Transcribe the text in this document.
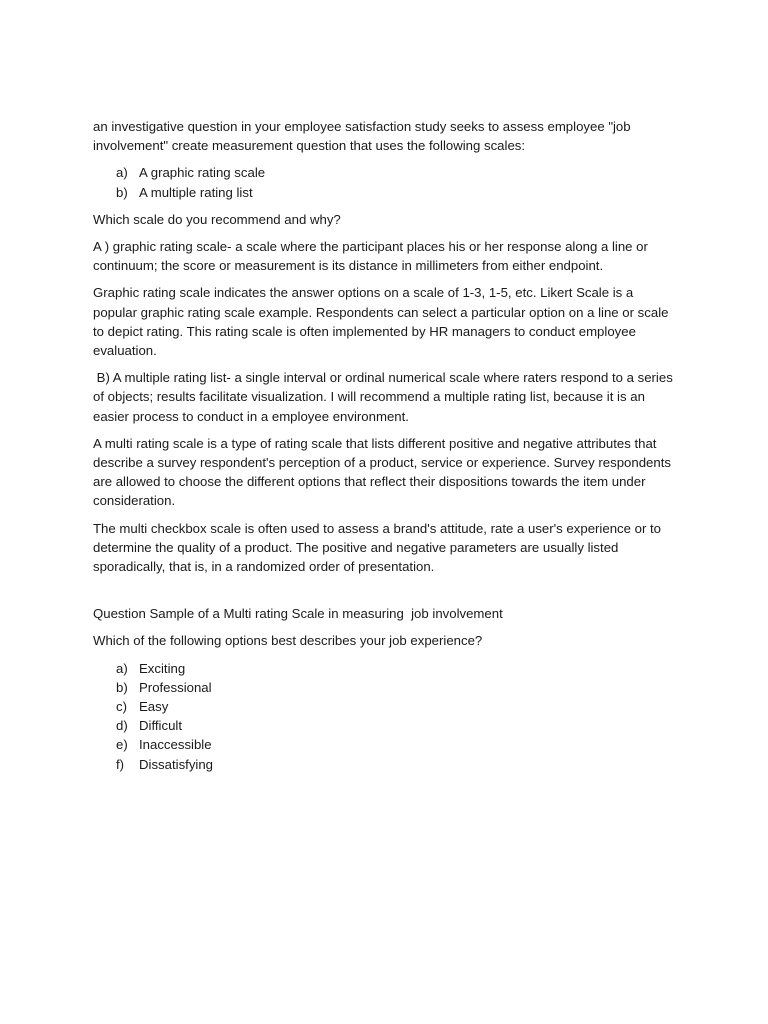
an investigative question in your employee satisfaction study seeks to assess employee "job involvement" create measurement question that uses the following scales:

a) A graphic rating scale
b) A multiple rating list

Which scale do you recommend and why?

A ) graphic rating scale- a scale where the participant places his or her response along a line or continuum; the score or measurement is its distance in millimeters from either endpoint.

Graphic rating scale indicates the answer options on a scale of 1-3, 1-5, etc. Likert Scale is a popular graphic rating scale example. Respondents can select a particular option on a line or scale to depict rating. This rating scale is often implemented by HR managers to conduct employee evaluation.

B) A multiple rating list- a single interval or ordinal numerical scale where raters respond to a series of objects; results facilitate visualization. I will recommend a multiple rating list, because it is an easier process to conduct in a employee environment.

A multi rating scale is a type of rating scale that lists different positive and negative attributes that describe a survey respondent's perception of a product, service or experience. Survey respondents are allowed to choose the different options that reflect their dispositions towards the item under consideration.

The multi checkbox scale is often used to assess a brand's attitude, rate a user's experience or to determine the quality of a product. The positive and negative parameters are usually listed sporadically, that is, in a randomized order of presentation.

Question Sample of a Multi rating Scale in measuring  job involvement

Which of the following options best describes your job experience?

a) Exciting
b) Professional
c) Easy
d) Difficult
e) Inaccessible
f)	Dissatisfying
